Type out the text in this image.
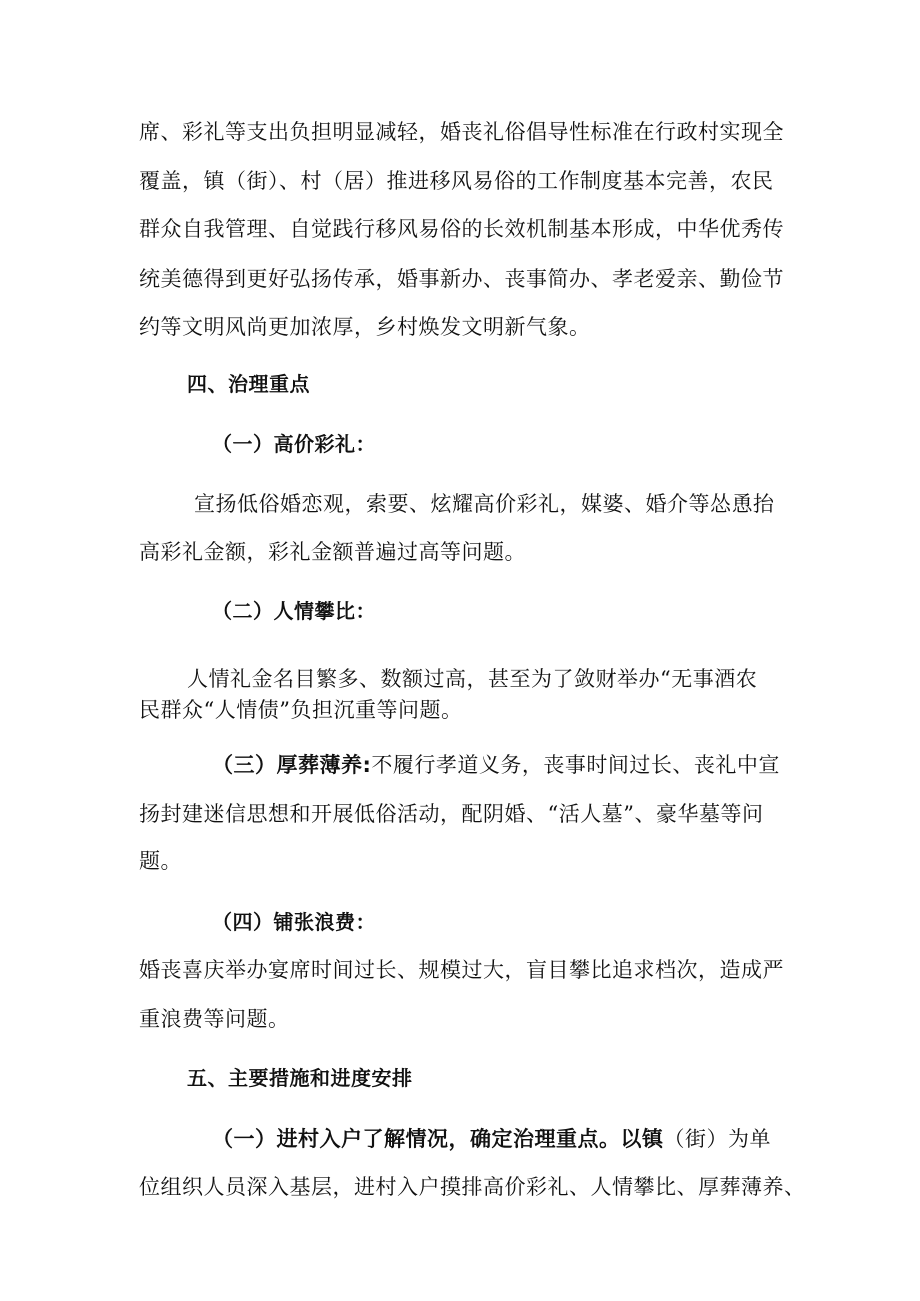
席、彩礼等支出负担明显减轻，婚丧礼俗倡导性标准在行政村实现全
覆盖，镇（街）、村（居）推进移风易俗的工作制度基本完善，农民
群众自我管理、自觉践行移风易俗的长效机制基本形成，中华优秀传
统美德得到更好弘扬传承，婚事新办、丧事简办、孝老爱亲、勤俭节
约等文明风尚更加浓厚，乡村焕发文明新气象。
四、治理重点
（一）高价彩礼：
宣扬低俗婚恋观，索要、炫耀高价彩礼，媒婆、婚介等怂恿抬
高彩礼金额，彩礼金额普遍过高等问题。
（二）人情攀比：
人情礼金名目繁多、数额过高，甚至为了敛财举办“无事酒农
民群众“人情债”负担沉重等问题。
（三）厚葬薄养:不履行孝道义务，丧事时间过长、丧礼中宣
扬封建迷信思想和开展低俗活动，配阴婚、“活人墓”、豪华墓等问
题。
（四）铺张浪费：
婚丧喜庆举办宴席时间过长、规模过大，盲目攀比追求档次，造成严
重浪费等问题。
五、主要措施和进度安排
（一）进村入户了解情况，确定治理重点。以镇（街）为单
位组织人员深入基层，进村入户摸排高价彩礼、人情攀比、厚葬薄养、
